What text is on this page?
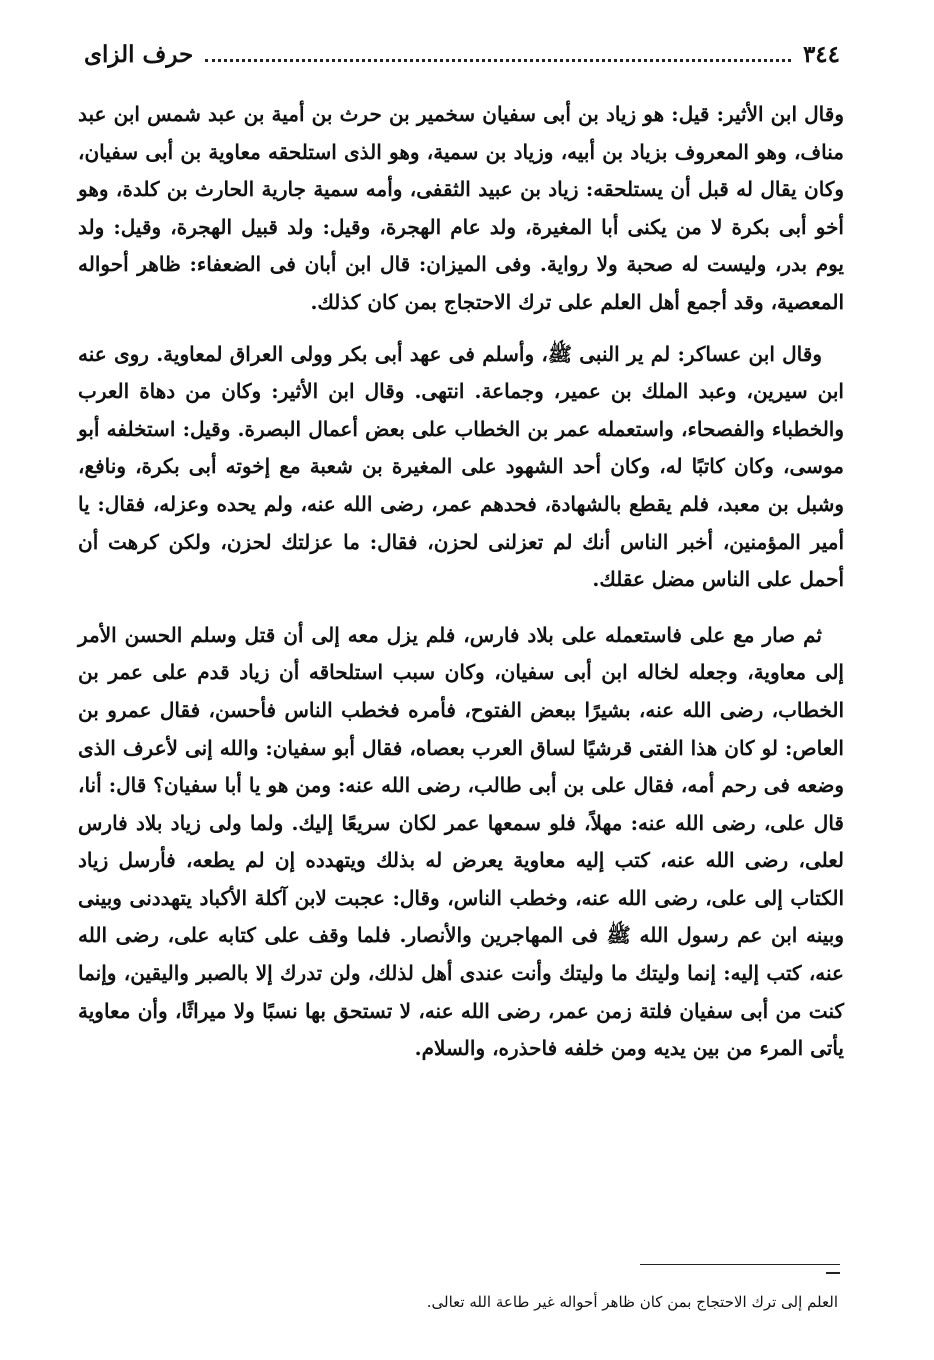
٣٤٤
حرف الزاى

وقال ابن الأثير: قيل: هو زياد بن أبى سفيان سخمير بن حرث بن أمية بن عبد شمس ابن عبد مناف، وهو المعروف بزياد بن أبيه، وزياد بن سمية، وهو الذى استلحقه معاوية بن أبى سفيان، وكان يقال له قبل أن يستلحقه: زياد بن عبيد الثقفى، وأمه سمية جارية الحارث بن كلدة، وهو أخو أبى بكرة لا من يكنى أبا المغيرة، ولد عام الهجرة، وقيل: ولد قبيل الهجرة، وقيل: ولد يوم بدر، وليست له صحبة ولا رواية. وفى الميزان: قال ابن أبان فى الضعفاء: ظاهر أحواله المعصية، وقد أجمع أهل العلم على ترك الاحتجاج بمن كان كذلك.

وقال ابن عساكر: لم ير النبى ﷺ، وأسلم فى عهد أبى بكر وولى العراق لمعاوية. روى عنه ابن سيرين، وعبد الملك بن عمير، وجماعة. انتهى. وقال ابن الأثير: وكان من دهاة العرب والخطباء والفصحاء، واستعمله عمر بن الخطاب على بعض أعمال البصرة. وقيل: استخلفه أبو موسى، وكان كاتبًا له، وكان أحد الشهود على المغيرة بن شعبة مع إخوته أبى بكرة، ونافع، وشبل بن معبد، فلم يقطع بالشهادة، فحدهم عمر، رضى الله عنه، ولم يحده وعزله، فقال: يا أمير المؤمنين، أخبر الناس أنك لم تعزلنى لحزن، فقال: ما عزلتك لحزن، ولكن كرهت أن أحمل على الناس مضل عقلك.

ثم صار مع على فاستعمله على بلاد فارس، فلم يزل معه إلى أن قتل وسلم الحسن الأمر إلى معاوية، وجعله لخاله ابن أبى سفيان، وكان سبب استلحاقه أن زياد قدم على عمر بن الخطاب، رضى الله عنه، بشيرًا ببعض الفتوح، فأمره فخطب الناس فأحسن، فقال عمرو بن العاص: لو كان هذا الفتى قرشيًا لساق العرب بعصاه، فقال أبو سفيان: والله إنى لأعرف الذى وضعه فى رحم أمه، فقال على بن أبى طالب، رضى الله عنه: ومن هو يا أبا سفيان؟ قال: أنا، قال على، رضى الله عنه: مهلاً، فلو سمعها عمر لكان سريعًا إليك. ولما ولى زياد بلاد فارس لعلى، رضى الله عنه، كتب إليه معاوية يعرض له بذلك ويتهدده إن لم يطعه، فأرسل زياد الكتاب إلى على، رضى الله عنه، وخطب الناس، وقال: عجبت لابن آكلة الأكباد يتهددنى وبينى وبينه ابن عم رسول الله ﷺ فى المهاجرين والأنصار. فلما وقف على كتابه على، رضى الله عنه، كتب إليه: إنما وليتك ما وليتك وأنت عندى أهل لذلك، ولن تدرك إلا بالصبر واليقين، وإنما كنت من أبى سفيان فلتة زمن عمر، رضى الله عنه، لا تستحق بها نسبًا ولا ميراثًا، وأن معاوية يأتى المرء من بين يديه ومن خلفه فاحذره، والسلام.

العلم إلى ترك الاحتجاج بمن كان ظاهر أحواله غير طاعة الله تعالى.
